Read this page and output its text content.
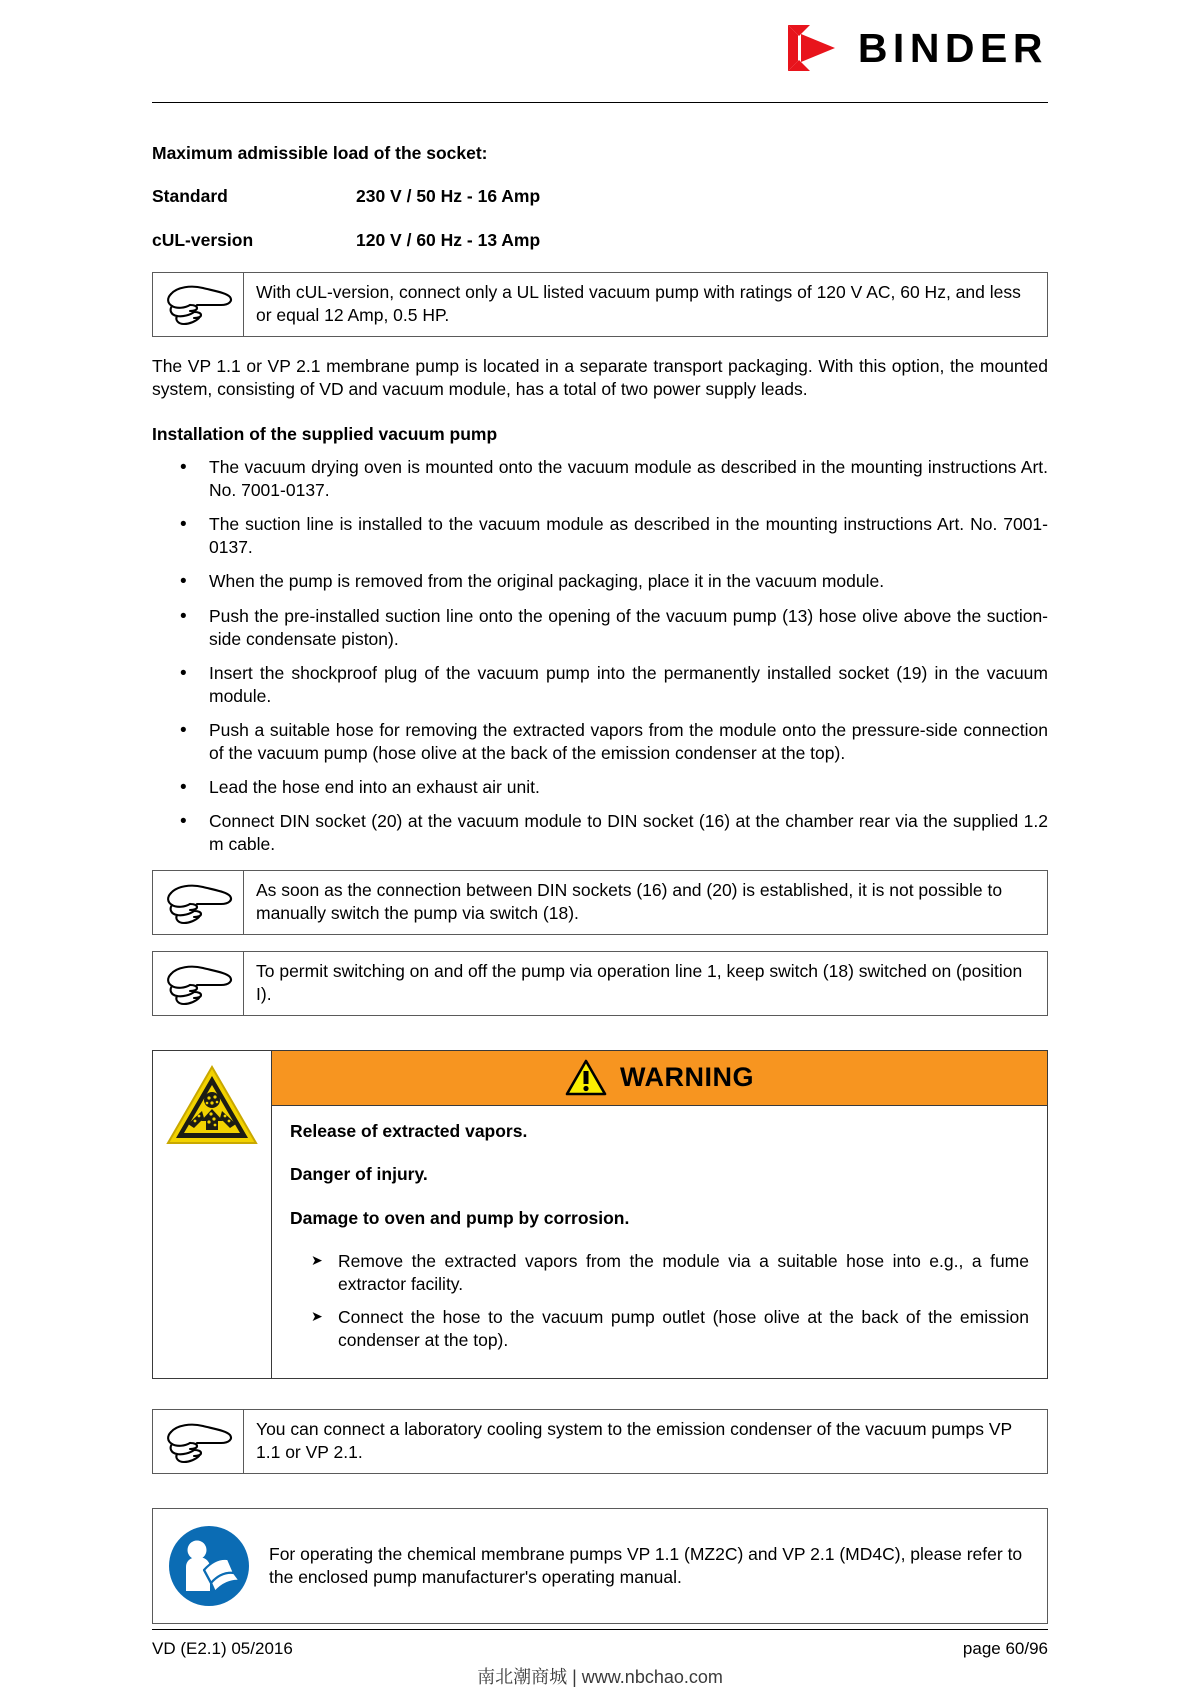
BINDER
Maximum admissible load of the socket:
Standard	230 V / 50 Hz - 16 Amp
cUL-version	120 V / 60 Hz - 13 Amp
With cUL-version, connect only a UL listed vacuum pump with ratings of 120 V AC, 60 Hz, and less or equal 12 Amp, 0.5 HP.

The VP 1.1 or VP 2.1 membrane pump is located in a separate transport packaging. With this option, the mounted system, consisting of VD and vacuum module, has a total of two power supply leads.

Installation of the supplied vacuum pump
• The vacuum drying oven is mounted onto the vacuum module as described in the mounting instructions Art. No. 7001-0137.
• The suction line is installed to the vacuum module as described in the mounting instructions Art. No. 7001-0137.
• When the pump is removed from the original packaging, place it in the vacuum module.
• Push the pre-installed suction line onto the opening of the vacuum pump (13) hose olive above the suction-side condensate piston).
• Insert the shockproof plug of the vacuum pump into the permanently installed socket (19) in the vacuum module.
• Push a suitable hose for removing the extracted vapors from the module onto the pressure-side connection of the vacuum pump (hose olive at the back of the emission condenser at the top).
• Lead the hose end into an exhaust air unit.
• Connect DIN socket (20) at the vacuum module to DIN socket (16) at the chamber rear via the supplied 1.2 m cable.
As soon as the connection between DIN sockets (16) and (20) is established, it is not possible to manually switch the pump via switch (18).
To permit switching on and off the pump via operation line 1, keep switch (18) switched on (position I).
WARNING
Release of extracted vapors.
Danger of injury.
Damage to oven and pump by corrosion.
➤ Remove the extracted vapors from the module via a suitable hose into e.g., a fume extractor facility.
➤ Connect the hose to the vacuum pump outlet (hose olive at the back of the emission condenser at the top).
You can connect a laboratory cooling system to the emission condenser of the vacuum pumps VP 1.1 or VP 2.1.
For operating the chemical membrane pumps VP 1.1 (MZ2C) and VP 2.1 (MD4C), please refer to the enclosed pump manufacturer's operating manual.
VD (E2.1) 05/2016	page 60/96
南北潮商城 | www.nbchao.com
